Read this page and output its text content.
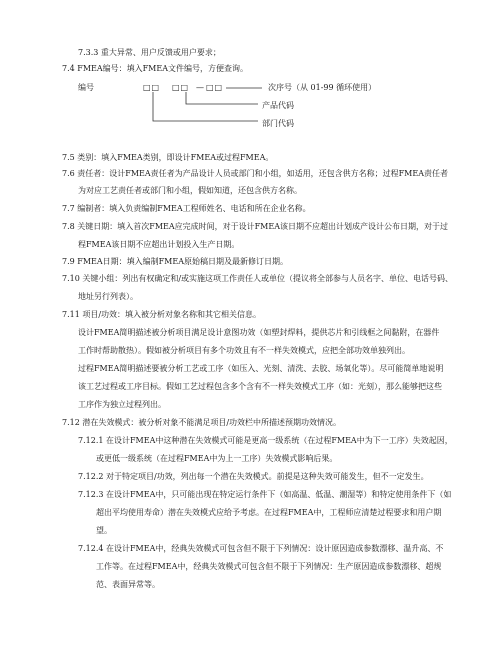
7.3.3 重大异常、用户反馈或用户要求；
7.4 FMEA编号：填入FMEA文件编号，方便查询。
编号	□□ □□ — □□	次序号（从 01-99 循环使用）
产品代码
部门代码
7.5 类别：填入FMEA类别，即设计FMEA或过程FMEA。
7.6 责任者：设计FMEA责任者为产品设计人员或部门和小组，如适用，还包含供方名称；过程FMEA责任者
为对应工艺责任者或部门和小组，假如知道，还包含供方名称。
7.7 编制者：填入负责编制FMEA工程师姓名、电话和所在企业名称。
7.8 关键日期：填入首次FMEA应完成时间，对于设计FMEA该日期不应超出计划成产设计公布日期，对于过
程FMEA该日期不应超出计划投入生产日期。
7.9 FMEA日期：填入编制FMEA原始稿日期及最新修订日期。
7.10 关键小组：列出有权确定和/或实施这项工作责任人或单位（提议将全部参与人员名字、单位、电话号码、
地址另行列表）。
7.11 项目/功效：填入被分析对象名称和其它相关信息。
设计FMEA简明描述被分析项目满足设计意图功效（如塑封焊料，提供芯片和引线框之间黏附，在器件
工作时帮助散热）。假如被分析项目有多个功效且有不一样失效模式，应把全部功效单独列出。
过程FMEA简明描述要被分析工艺或工序（如压入、光刻、清洗、去胶、场氧化等）。尽可能简单地说明
该工艺过程或工序目标。假如工艺过程包含多个含有不一样失效模式工序（如：光刻），那么能够把这些
工序作为独立过程列出。
7.12 潜在失效模式：被分析对象不能满足项目/功效栏中所描述预期功效情况。
7.12.1 在设计FMEA中这种潜在失效模式可能是更高一级系统（在过程FMEA中为下一工序）失效起因，
或更低一级系统（在过程FMEA中为上一工序）失效模式影响后果。
7.12.2 对于特定项目/功效，列出每一个潜在失效模式。前提是这种失效可能发生，但不一定发生。
7.12.3 在设计FMEA中，只可能出现在特定运行条件下（如高温、低温、潮湿等）和特定使用条件下（如
超出平均使用寿命）潜在失效模式应给予考虑。在过程FMEA中，工程师应清楚过程要求和用户期
望。
7.12.4 在设计FMEA中，经典失效模式可包含但不限于下列情况：设计原因造成参数漂移、温升高、不
工作等。在过程FMEA中，经典失效模式可包含但不限于下列情况：生产原因造成参数漂移、超规
范、表面异常等。
